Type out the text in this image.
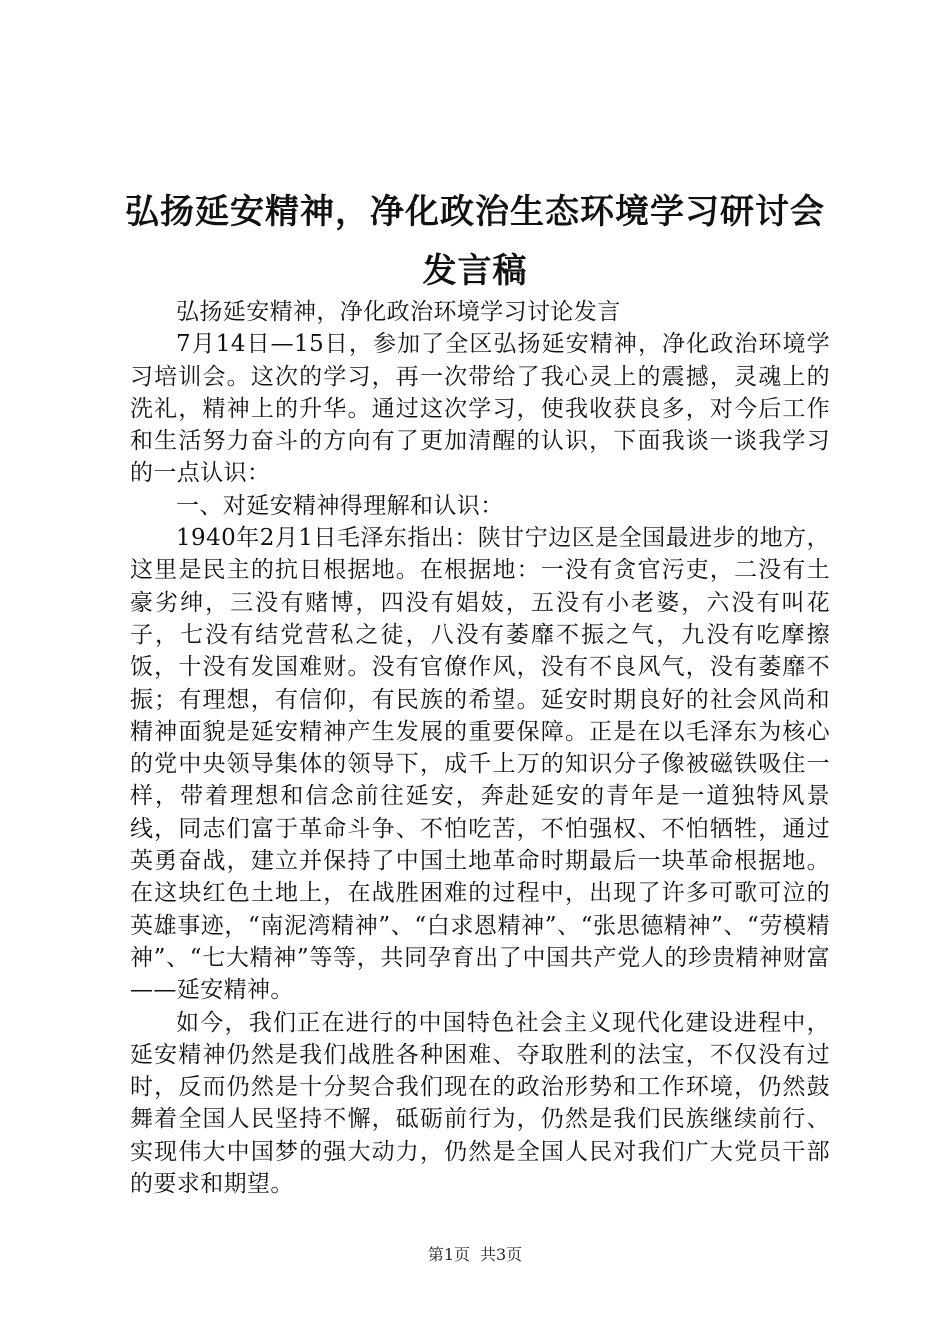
弘扬延安精神，净化政治生态环境学习研讨会发言稿

弘扬延安精神，净化政治环境学习讨论发言

7月14日—15日，参加了全区弘扬延安精神，净化政治环境学习培训会。这次的学习，再一次带给了我心灵上的震撼，灵魂上的洗礼，精神上的升华。通过这次学习，使我收获良多，对今后工作和生活努力奋斗的方向有了更加清醒的认识，下面我谈一谈我学习的一点认识：

一、对延安精神得理解和认识：

1940年2月1日毛泽东指出：陕甘宁边区是全国最进步的地方，这里是民主的抗日根据地。在根据地：一没有贪官污吏，二没有土豪劣绅，三没有赌博，四没有娼妓，五没有小老婆，六没有叫花子，七没有结党营私之徒，八没有萎靡不振之气，九没有吃摩擦饭，十没有发国难财。没有官僚作风，没有不良风气，没有萎靡不振；有理想，有信仰，有民族的希望。延安时期良好的社会风尚和精神面貌是延安精神产生发展的重要保障。正是在以毛泽东为核心的党中央领导集体的领导下，成千上万的知识分子像被磁铁吸住一样，带着理想和信念前往延安，奔赴延安的青年是一道独特风景线，同志们富于革命斗争、不怕吃苦，不怕强权、不怕牺牲，通过英勇奋战，建立并保持了中国土地革命时期最后一块革命根据地。在这块红色土地上，在战胜困难的过程中，出现了许多可歌可泣的英雄事迹，“南泥湾精神”、“白求恩精神”、“张思德精神”、“劳模精神”、“七大精神”等等，共同孕育出了中国共产党人的珍贵精神财富——延安精神。

如今，我们正在进行的中国特色社会主义现代化建设进程中，延安精神仍然是我们战胜各种困难、夺取胜利的法宝，不仅没有过时，反而仍然是十分契合我们现在的政治形势和工作环境，仍然鼓舞着全国人民坚持不懈，砥砺前行为，仍然是我们民族继续前行、实现伟大中国梦的强大动力，仍然是全国人民对我们广大党员干部的要求和期望。

第1页 共3页
